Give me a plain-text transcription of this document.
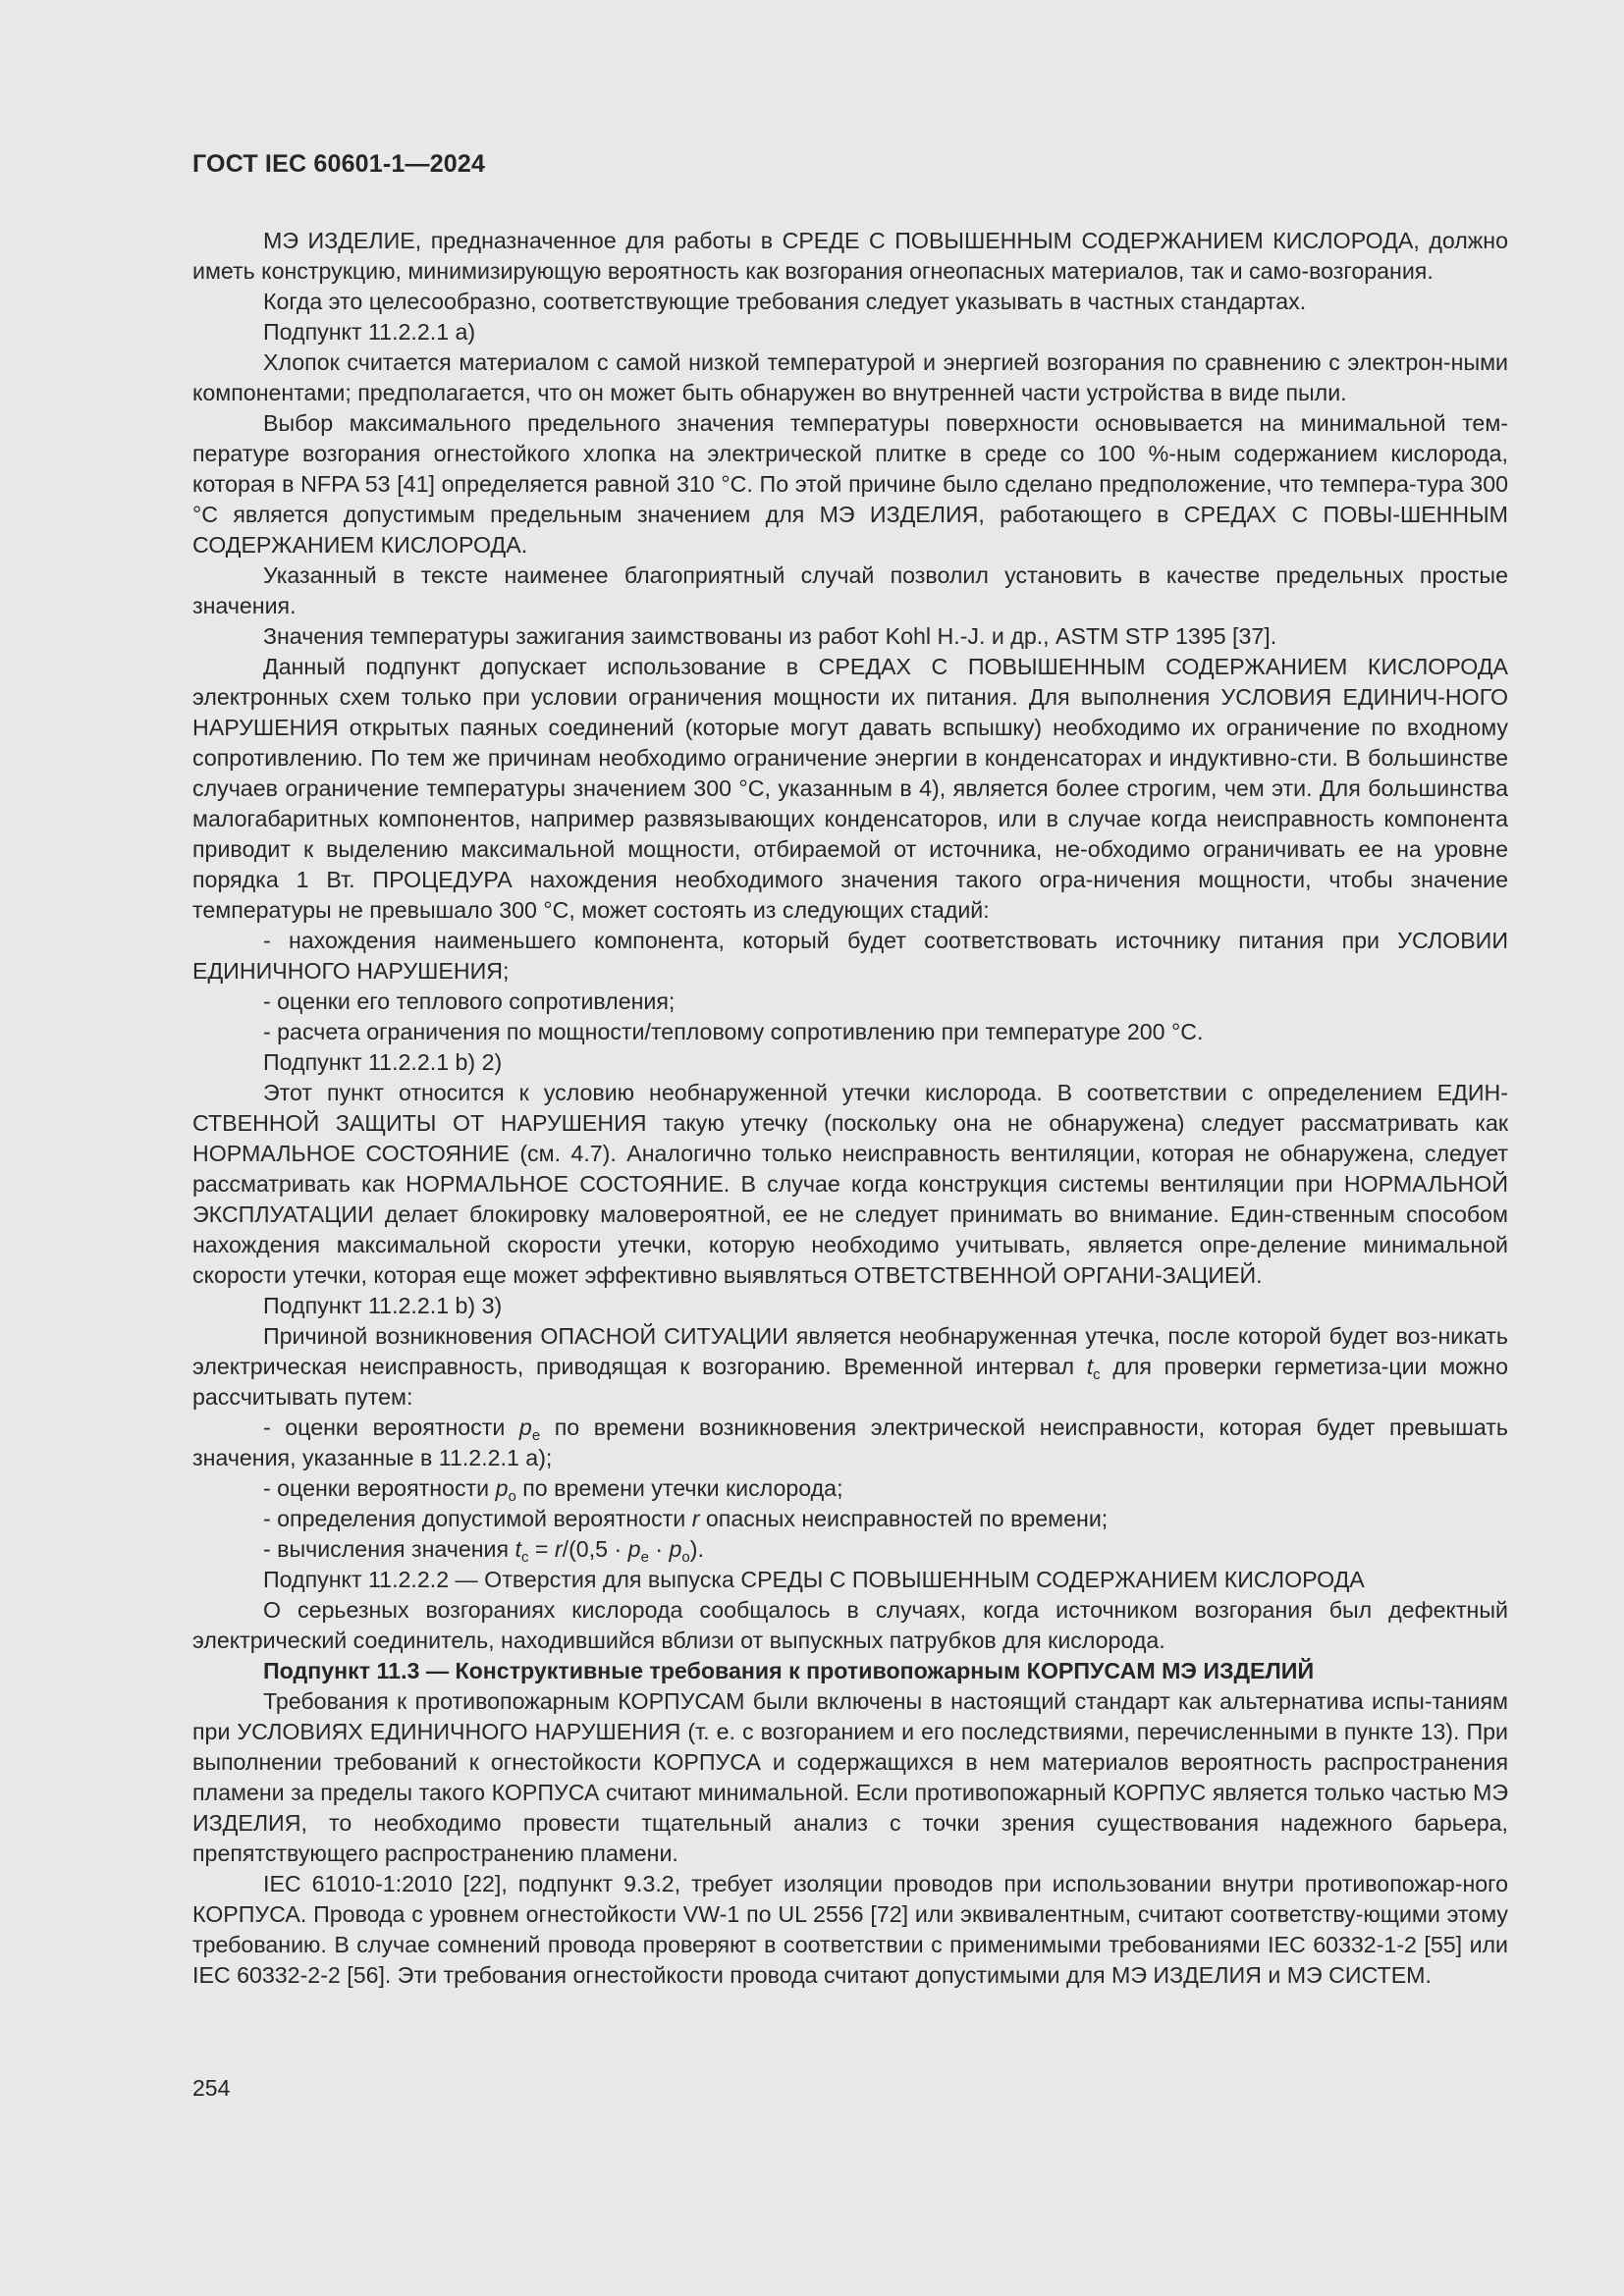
ГОСТ IEC 60601-1—2024

МЭ ИЗДЕЛИЕ, предназначенное для работы в СРЕДЕ С ПОВЫШЕННЫМ СОДЕРЖАНИЕМ КИСЛОРОДА, должно иметь конструкцию, минимизирующую вероятность как возгорания огнеопасных материалов, так и само-возгорания.

Когда это целесообразно, соответствующие требования следует указывать в частных стандартах.

Подпункт 11.2.2.1 a)

Хлопок считается материалом с самой низкой температурой и энергией возгорания по сравнению с электрон-ными компонентами; предполагается, что он может быть обнаружен во внутренней части устройства в виде пыли.

Выбор максимального предельного значения температуры поверхности основывается на минимальной тем-пературе возгорания огнестойкого хлопка на электрической плитке в среде со 100 %-ным содержанием кислорода, которая в NFPA 53 [41] определяется равной 310 °С. По этой причине было сделано предположение, что темпера-тура 300 °С является допустимым предельным значением для МЭ ИЗДЕЛИЯ, работающего в СРЕДАХ С ПОВЫ-ШЕННЫМ СОДЕРЖАНИЕМ КИСЛОРОДА.

Указанный в тексте наименее благоприятный случай позволил установить в качестве предельных простые значения.

Значения температуры зажигания заимствованы из работ Kohl H.-J. и др., ASTM STP 1395 [37].

Данный подпункт допускает использование в СРЕДАХ С ПОВЫШЕННЫМ СОДЕРЖАНИЕМ КИСЛОРОДА электронных схем только при условии ограничения мощности их питания. Для выполнения УСЛОВИЯ ЕДИНИЧ-НОГО НАРУШЕНИЯ открытых паяных соединений (которые могут давать вспышку) необходимо их ограничение по входному сопротивлению. По тем же причинам необходимо ограничение энергии в конденсаторах и индуктивно-сти. В большинстве случаев ограничение температуры значением 300 °С, указанным в 4), является более строгим, чем эти. Для большинства малогабаритных компонентов, например развязывающих конденсаторов, или в случае когда неисправность компонента приводит к выделению максимальной мощности, отбираемой от источника, не-обходимо ограничивать ее на уровне порядка 1 Вт. ПРОЦЕДУРА нахождения необходимого значения такого огра-ничения мощности, чтобы значение температуры не превышало 300 °С, может состоять из следующих стадий:

- нахождения наименьшего компонента, который будет соответствовать источнику питания при УСЛОВИИ ЕДИНИЧНОГО НАРУШЕНИЯ;

- оценки его теплового сопротивления;

- расчета ограничения по мощности/тепловому сопротивлению при температуре 200 °С.

Подпункт 11.2.2.1 b) 2)

Этот пункт относится к условию необнаруженной утечки кислорода. В соответствии с определением ЕДИН-СТВЕННОЙ ЗАЩИТЫ ОТ НАРУШЕНИЯ такую утечку (поскольку она не обнаружена) следует рассматривать как НОРМАЛЬНОЕ СОСТОЯНИЕ (см. 4.7). Аналогично только неисправность вентиляции, которая не обнаружена, следует рассматривать как НОРМАЛЬНОЕ СОСТОЯНИЕ. В случае когда конструкция системы вентиляции при НОРМАЛЬНОЙ ЭКСПЛУАТАЦИИ делает блокировку маловероятной, ее не следует принимать во внимание. Един-ственным способом нахождения максимальной скорости утечки, которую необходимо учитывать, является опре-деление минимальной скорости утечки, которая еще может эффективно выявляться ОТВЕТСТВЕННОЙ ОРГАНИ-ЗАЦИЕЙ.

Подпункт 11.2.2.1 b) 3)

Причиной возникновения ОПАСНОЙ СИТУАЦИИ является необнаруженная утечка, после которой будет воз-никать электрическая неисправность, приводящая к возгоранию. Временной интервал $t_c$ для проверки герметиза-ции можно рассчитывать путем:

- оценки вероятности $p_e$ по времени возникновения электрической неисправности, которая будет превышать значения, указанные в 11.2.2.1 a);

- оценки вероятности $p_o$ по времени утечки кислорода;

- определения допустимой вероятности r опасных неисправностей по времени;

- вычисления значения $t_c = r/(0,5 \cdot p_e \cdot p_o)$.

Подпункт 11.2.2.2 — Отверстия для выпуска СРЕДЫ С ПОВЫШЕННЫМ СОДЕРЖАНИЕМ КИСЛОРОДА

О серьезных возгораниях кислорода сообщалось в случаях, когда источником возгорания был дефектный электрический соединитель, находившийся вблизи от выпускных патрубков для кислорода.

Подпункт 11.3 — Конструктивные требования к противопожарным КОРПУСАМ МЭ ИЗДЕЛИЙ

Требования к противопожарным КОРПУСАМ были включены в настоящий стандарт как альтернатива испы-таниям при УСЛОВИЯХ ЕДИНИЧНОГО НАРУШЕНИЯ (т. е. с возгоранием и его последствиями, перечисленными в пункте 13). При выполнении требований к огнестойкости КОРПУСА и содержащихся в нем материалов вероятность распространения пламени за пределы такого КОРПУСА считают минимальной. Если противопожарный КОРПУС является только частью МЭ ИЗДЕЛИЯ, то необходимо провести тщательный анализ с точки зрения существования надежного барьера, препятствующего распространению пламени.

IEC 61010-1:2010 [22], подпункт 9.3.2, требует изоляции проводов при использовании внутри противопожар-ного КОРПУСА. Провода с уровнем огнестойкости VW-1 по UL 2556 [72] или эквивалентным, считают соответству-ющими этому требованию. В случае сомнений провода проверяют в соответствии с применимыми требованиями IEC 60332-1-2 [55] или IEC 60332-2-2 [56]. Эти требования огнестойкости провода считают допустимыми для МЭ ИЗДЕЛИЯ и МЭ СИСТЕМ.

254
